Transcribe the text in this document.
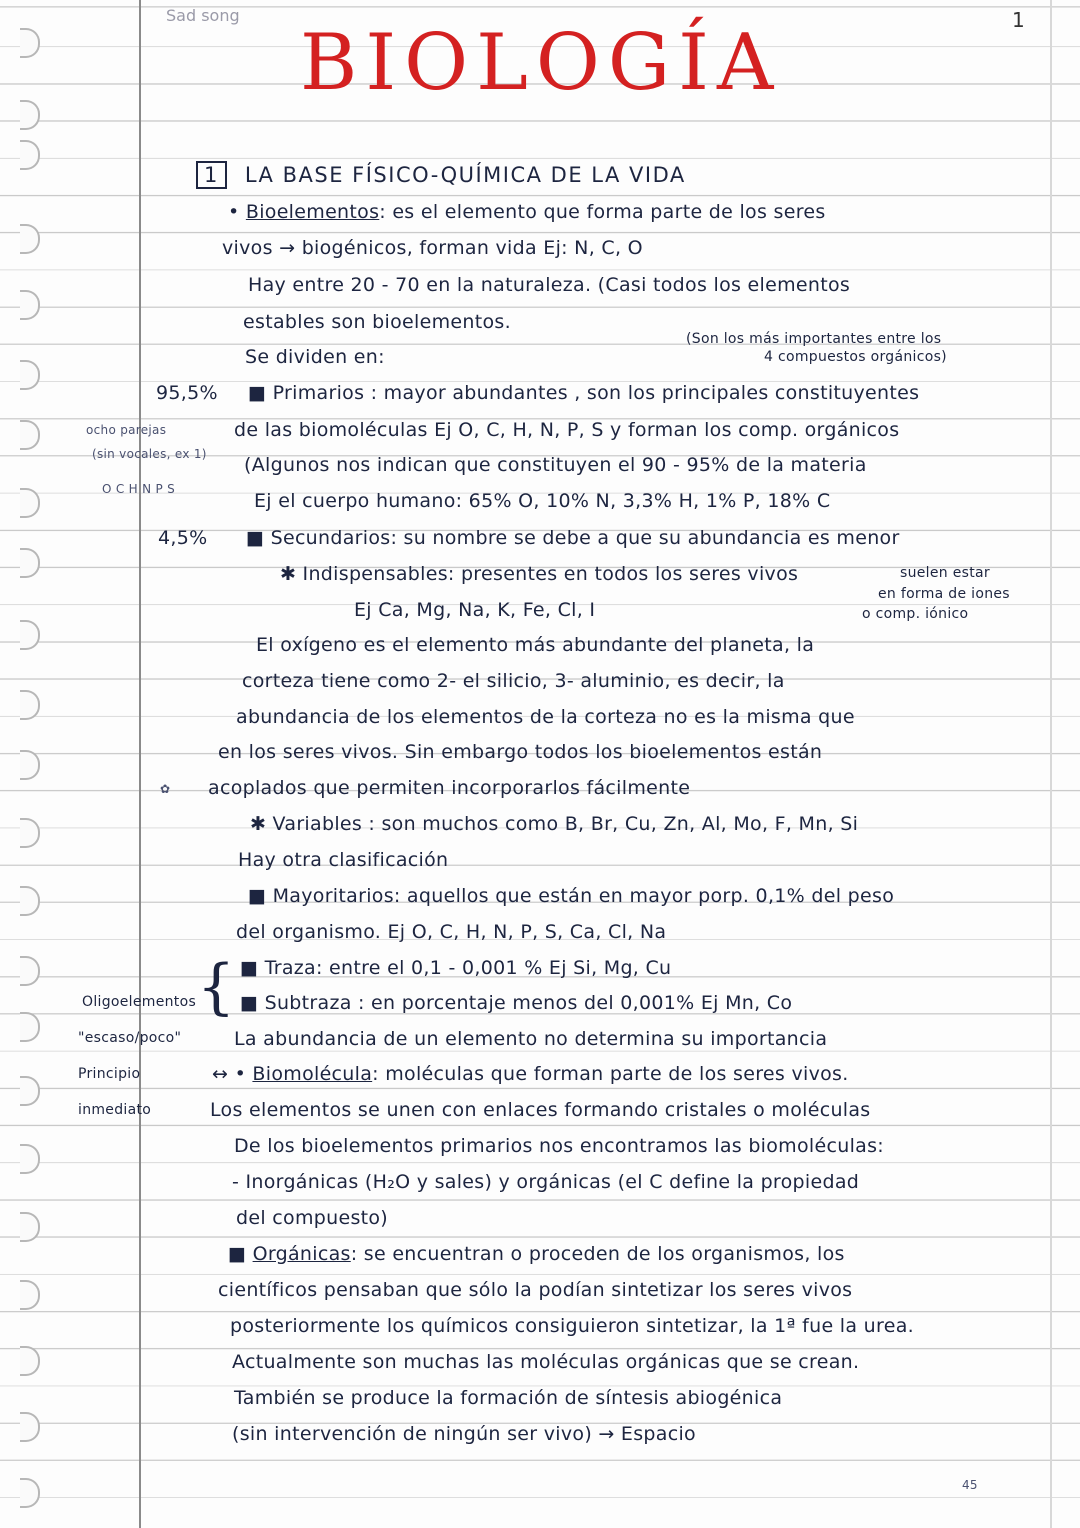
Sad song	1
BIOLOGÍA
1 LA BASE FÍSICO-QUÍMICA DE LA VIDA
• Bioelementos: es el elemento que forma parte de los seres
vivos → biogénicos, forman vida Ej: N, C, O
Hay entre 20 - 70 en la naturaleza. (Casi todos los elementos
estables son bioelementos.
Se dividen en:
(Son los más importantes entre los
4 compuestos orgánicos)
95,5% ■ Primarios : mayor abundantes , son los principales constituyentes
de las biomoléculas Ej O, C, H, N, P, S y forman los comp. orgánicos
(Algunos nos indican que constituyen el 90 - 95% de la materia
Ej el cuerpo humano: 65% O, 10% N, 3,3% H, 1% P, 18% C
4,5% ■ Secundarios: su nombre se debe a que su abundancia es menor
✱ Indispensables: presentes en todos los seres vivos	suelen estar
Ej Ca, Mg, Na, K, Fe, Cl, I
en forma de iones
o comp. iónico
El oxígeno es el elemento más abundante del planeta, la
corteza tiene como 2- el silicio, 3- aluminio, es decir, la
abundancia de los elementos de la corteza no es la misma que
en los seres vivos. Sin embargo todos los bioelementos están
acoplados que permiten incorporarlos fácilmente
✱ Variables : son muchos como B, Br, Cu, Zn, Al, Mo, F, Mn, Si
Hay otra clasificación
■ Mayoritarios: aquellos que están en mayor porp. 0,1% del peso
del organismo. Ej O, C, H, N, P, S, Ca, Cl, Na
{ ■ Traza: entre el 0,1 - 0,001 % Ej Si, Mg, Cu
■ Subtraza : en porcentaje menos del 0,001% Ej Mn, Co
La abundancia de un elemento no determina su importancia
↔ • Biomolécula: moléculas que forman parte de los seres vivos.
Los elementos se unen con enlaces formando cristales o moléculas
De los bioelementos primarios nos encontramos las biomoléculas:
- Inorgánicas (H₂O y sales) y orgánicas (el C define la propiedad
del compuesto)
■ Orgánicas: se encuentran o proceden de los organismos, los
científicos pensaban que sólo la podían sintetizar los seres vivos
posteriormente los químicos consiguieron sintetizar, la 1ª fue la urea.
Actualmente son muchas las moléculas orgánicas que se crean.
También se produce la formación de síntesis abiogénica
(sin intervención de ningún ser vivo) → Espacio
ocho parejas
(sin vocales, ex 1)
O C H N P S
✿
Oligoelementos
"escaso/poco"
Principio
inmediato
45
